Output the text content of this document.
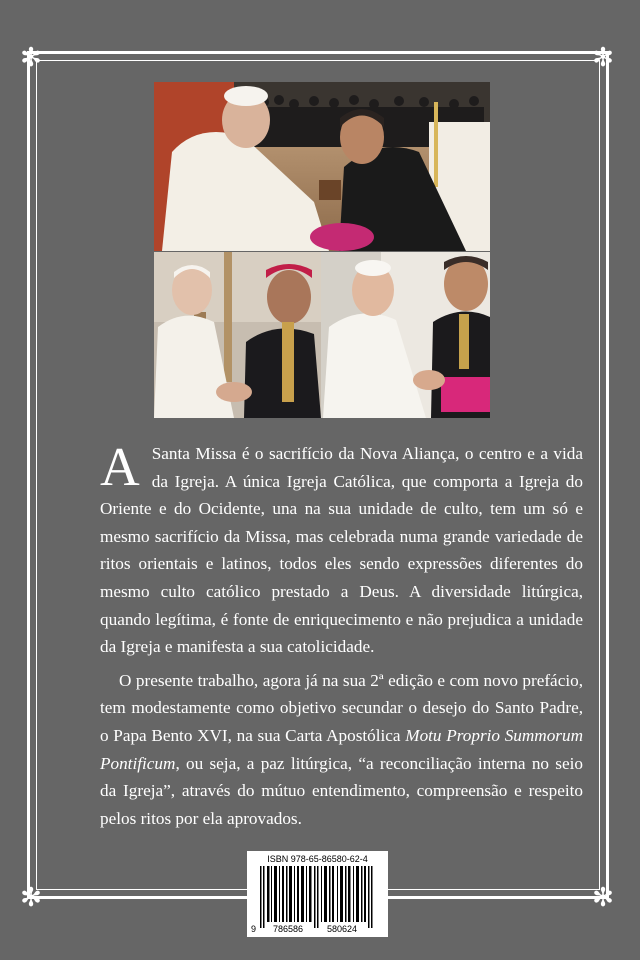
✻	✻
✻	✻

A Santa Missa é o sacrifício da Nova Aliança, o centro e a vida da Igreja. A única Igreja Católica, que comporta a Igreja do Oriente e do Ocidente, una na sua unidade de culto, tem um só e mesmo sacrifício da Missa, mas celebrada numa grande variedade de ritos orientais e latinos, todos eles sendo expressões diferentes do mesmo culto católico prestado a Deus. A diversidade litúrgica, quando legítima, é fonte de enriquecimento e não prejudica a unidade da Igreja e manifesta a sua catolicidade.

O presente trabalho, agora já na sua 2ª edição e com novo prefácio, tem modestamente como objetivo secundar o desejo do Santo Padre, o Papa Bento XVI, na sua Carta Apostólica Motu Proprio Summorum Pontificum, ou seja, a paz litúrgica, “a reconciliação interna no seio da Igreja”, através do mútuo entendimento, compreensão e respeito pelos ritos por ela aprovados.

ISBN 978-65-86580-62-4
9 786586	580624
